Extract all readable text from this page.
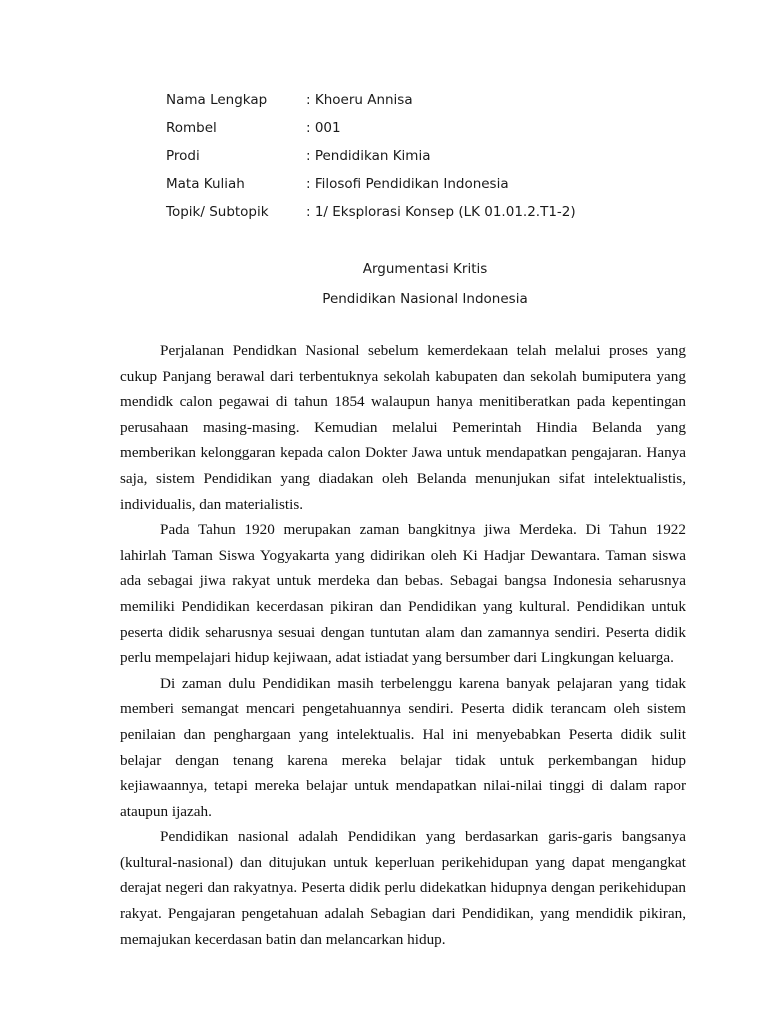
Nama Lengkap	: Khoeru Annisa
Rombel	: 001
Prodi	: Pendidikan Kimia
Mata Kuliah	: Filosofi Pendidikan Indonesia
Topik/ Subtopik	: 1/ Eksplorasi Konsep (LK 01.01.2.T1-2)
Argumentasi Kritis
Pendidikan Nasional Indonesia

Perjalanan Pendidkan Nasional sebelum kemerdekaan telah melalui proses yang cukup Panjang berawal dari terbentuknya sekolah kabupaten dan sekolah bumiputera yang mendidk calon pegawai di tahun 1854 walaupun hanya menitiberatkan pada kepentingan perusahaan masing-masing. Kemudian melalui Pemerintah Hindia Belanda yang memberikan kelonggaran kepada calon Dokter Jawa untuk mendapatkan pengajaran. Hanya saja, sistem Pendidikan yang diadakan oleh Belanda menunjukan sifat intelektualistis, individualis, dan materialistis.

Pada Tahun 1920 merupakan zaman bangkitnya jiwa Merdeka. Di Tahun 1922 lahirlah Taman Siswa Yogyakarta yang didirikan oleh Ki Hadjar Dewantara. Taman siswa ada sebagai jiwa rakyat untuk merdeka dan bebas. Sebagai bangsa Indonesia seharusnya memiliki Pendidikan kecerdasan pikiran dan Pendidikan yang kultural. Pendidikan untuk peserta didik seharusnya sesuai dengan tuntutan alam dan zamannya sendiri. Peserta didik perlu mempelajari hidup kejiwaan, adat istiadat yang bersumber dari Lingkungan keluarga.

Di zaman dulu Pendidikan masih terbelenggu karena banyak pelajaran yang tidak memberi semangat mencari pengetahuannya sendiri. Peserta didik terancam oleh sistem penilaian dan penghargaan yang intelektualis. Hal ini menyebabkan Peserta didik sulit belajar dengan tenang karena mereka belajar tidak untuk perkembangan hidup kejiawaannya, tetapi mereka belajar untuk mendapatkan nilai-nilai tinggi di dalam rapor ataupun ijazah.

Pendidikan nasional adalah Pendidikan yang berdasarkan garis-garis bangsanya (kultural-nasional) dan ditujukan untuk keperluan perikehidupan yang dapat mengangkat derajat negeri dan rakyatnya. Peserta didik perlu didekatkan hidupnya dengan perikehidupan rakyat. Pengajaran pengetahuan adalah Sebagian dari Pendidikan, yang mendidik pikiran, memajukan kecerdasan batin dan melancarkan hidup.
